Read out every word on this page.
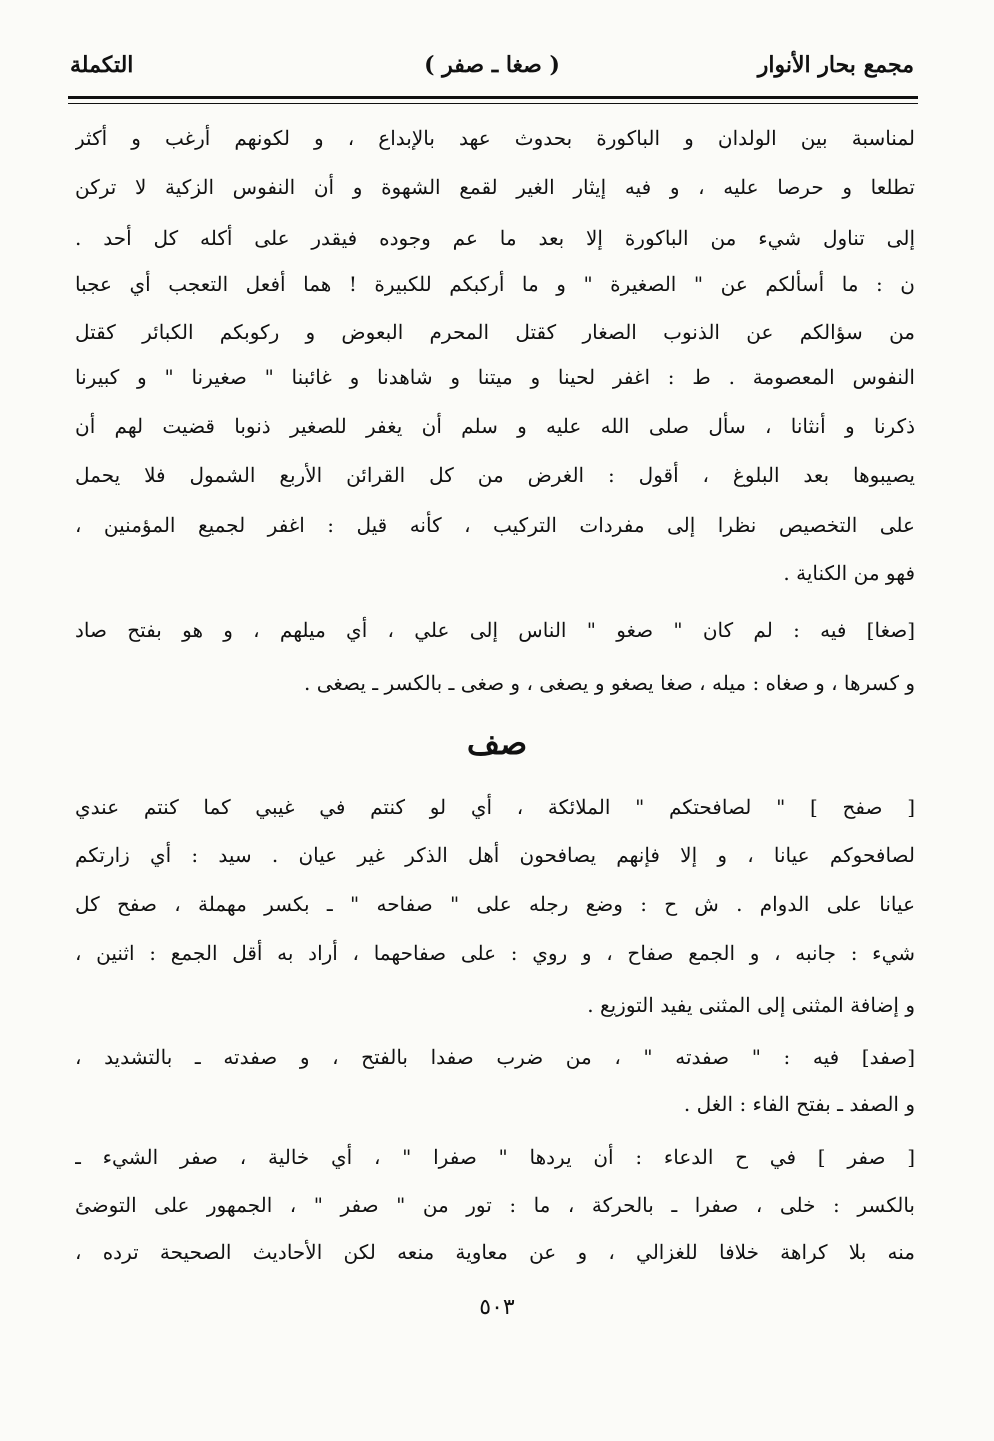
مجمع بحار الأنوار
( صغا ـ صفر )
التكملة
لمناسبة بين الولدان و الباكورة بحدوث عهد بالإبداع ، و لكونهم أرغب و أكثر
تطلعا و حرصا عليه ، و فيه إيثار الغير لقمع الشهوة و أن النفوس الزكية لا تركن
إلى تناول شيء من الباكورة إلا بعد ما عم وجوده فيقدر على أكله كل أحد .
ن : ما أسألكم عن " الصغيرة " و ما أركبكم للكبيرة ! هما أفعل التعجب أي عجبا
من سؤالكم عن الذنوب الصغار كقتل المحرم البعوض و ركوبكم الكبائر كقتل
النفوس المعصومة . ط : اغفر لحينا و ميتنا و شاهدنا و غائبنا " صغيرنا " و كبيرنا
ذكرنا و أنثانا ، سأل صلى الله عليه و سلم أن يغفر للصغير ذنوبا قضيت لهم أن
يصيبوها بعد البلوغ ، أقول : الغرض من كل القرائن الأربع الشمول فلا يحمل
على التخصيص نظرا إلى مفردات التركيب ، كأنه قيل : اغفر لجميع المؤمنين ،
فهو من الكناية .
[صغا] فيه : لم كان " صغو " الناس إلى علي ، أي ميلهم ، و هو بفتح صاد
و كسرها ، و صغاه : ميله ، صغا يصغو و يصغى ، و صغى ـ بالكسر ـ يصغى .
صف
[ صفح ] " لصافحتكم " الملائكة ، أي لو كنتم في غيبي كما كنتم عندي
لصافحوكم عيانا ، و إلا فإنهم يصافحون أهل الذكر غير عيان . سيد : أي زارتكم
عيانا على الدوام . ش ح : وضع رجله على " صفاحه " ـ بكسر مهملة ، صفح كل
شيء : جانبه ، و الجمع صفاح ، و روي : على صفاحهما ، أراد به أقل الجمع : اثنين ،
و إضافة المثنى إلى المثنى يفيد التوزيع .
[صفد] فيه : " صفدته " ، من ضرب صفدا بالفتح ، و صفدته ـ بالتشديد ،
و الصفد ـ بفتح الفاء : الغل .
[ صفر ] في ح الدعاء : أن يردها " صفرا " ، أي خالية ، صفر الشيء ـ
بالكسر : خلى ، صفرا ـ بالحركة ، ما : تور من " صفر " ، الجمهور على التوضئ
منه بلا كراهة خلافا للغزالي ، و عن معاوية منعه لكن الأحاديث الصحيحة ترده ،
٥٠٣
